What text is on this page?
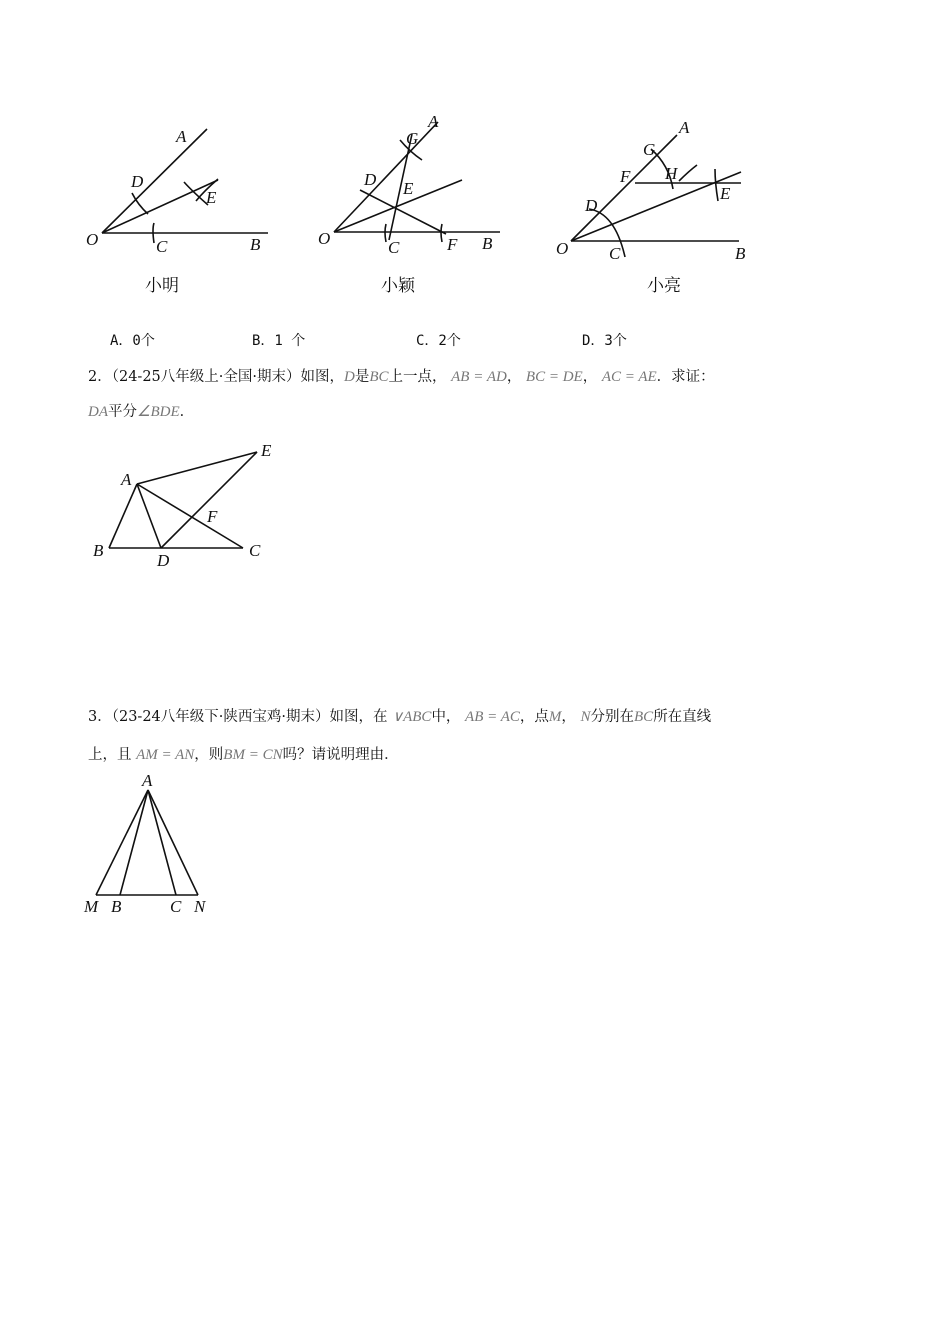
A
D
E
O	C	B
小明
A
G
D E
O	C	F B
小颖
A
G
F H
E
D
O C	B
小亮
A．0个	B．1 个	C．2个	D．3个
2．（24-25八年级上·全国·期末）如图，D是BC上一点， AB = AD， BC = DE， AC = AE．求证：
DA平分∠BDE．
A
E
F
B
D
C
3．（23-24八年级下·陕西宝鸡·期末）如图，在 ∨ABC中， AB = AC，点M， N分别在BC所在直线
上，且 AM = AN，则BM = CN吗？请说明理由．
A
M B	C N
